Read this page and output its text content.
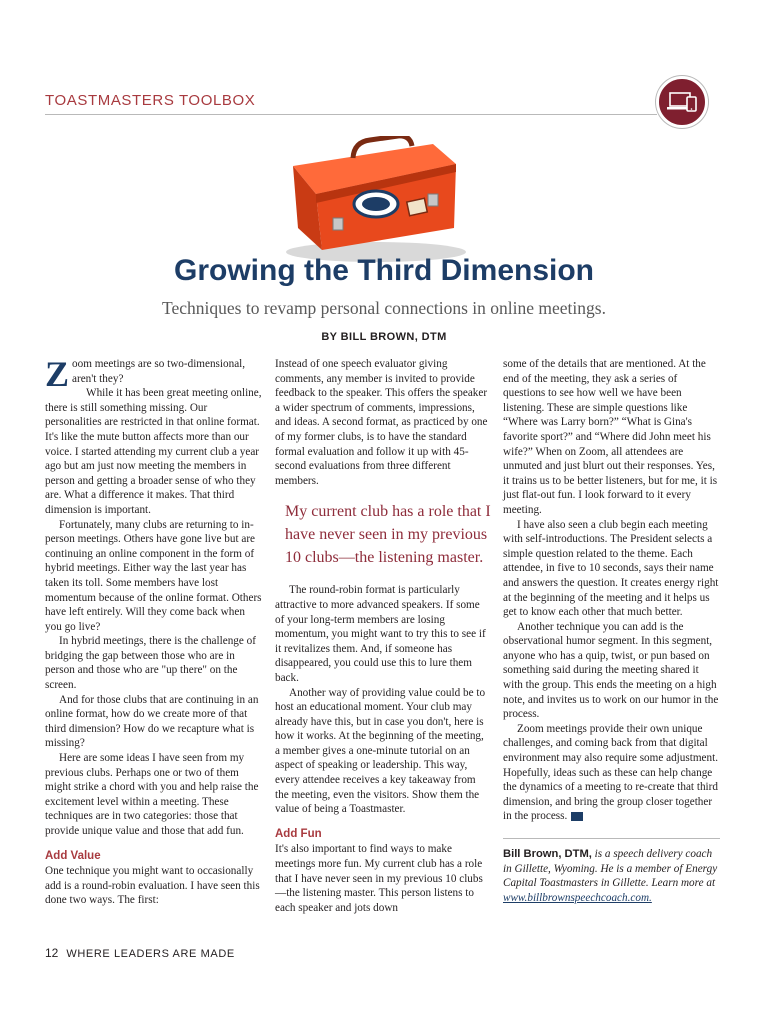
TOASTMASTERS TOOLBOX
Growing the Third Dimension

Techniques to revamp personal connections in online meetings.

BY BILL BROWN, DTM

Zoom meetings are so two-dimensional, aren't they?

While it has been great meeting online, there is still something missing. Our personalities are restricted in that online format. It's like the mute button affects more than our voice. I started attending my current club a year ago but am just now meeting the members in person and getting a broader sense of who they are. What a difference it makes. That third dimension is important.

Fortunately, many clubs are returning to in-person meetings. Others have gone live but are continuing an online component in the form of hybrid meetings. Either way the last year has taken its toll. Some members have lost momentum because of the online format. Others have left entirely. Will they come back when you go live?

In hybrid meetings, there is the challenge of bridging the gap between those who are in person and those who are "up there" on the screen.

And for those clubs that are continuing in an online format, how do we create more of that third dimension? How do we recapture what is missing?

Here are some ideas I have seen from my previous clubs. Perhaps one or two of them might strike a chord with you and help raise the excitement level within a meeting. These techniques are in two categories: those that provide unique value and those that add fun.

Add Value

One technique you might want to occasionally add is a round-robin evaluation. I have seen this done two ways. The first:

Instead of one speech evaluator giving comments, any member is invited to provide feedback to the speaker. This offers the speaker a wider spectrum of comments, impressions, and ideas. A second format, as practiced by one of my former clubs, is to have the standard formal evaluation and follow it up with 45-second evaluations from three different members.

My current club has a role that I have never seen in my previous 10 clubs—the listening master.

The round-robin format is particularly attractive to more advanced speakers. If some of your long-term members are losing momentum, you might want to try this to see if it revitalizes them. And, if someone has disappeared, you could use this to lure them back.

Another way of providing value could be to host an educational moment. Your club may already have this, but in case you don't, here is how it works. At the beginning of the meeting, a member gives a one-minute tutorial on an aspect of speaking or leadership. This way, every attendee receives a key takeaway from the meeting, even the visitors. Show them the value of being a Toastmaster.

Add Fun

It's also important to find ways to make meetings more fun. My current club has a role that I have never seen in my previous 10 clubs—the listening master. This person listens to each speaker and jots down

some of the details that are mentioned. At the end of the meeting, they ask a series of questions to see how well we have been listening. These are simple questions like “Where was Larry born?” “What is Gina's favorite sport?” and “Where did John meet his wife?” When on Zoom, all attendees are unmuted and just blurt out their responses. Yes, it trains us to be better listeners, but for me, it is just flat-out fun. I look forward to it every meeting.

I have also seen a club begin each meeting with self-introductions. The President selects a simple question related to the theme. Each attendee, in five to 10 seconds, says their name and answers the question. It creates energy right at the beginning of the meeting and it helps us get to know each other that much better.

Another technique you can add is the observational humor segment. In this segment, anyone who has a quip, twist, or pun based on something said during the meeting shared it with the group. This ends the meeting on a high note, and invites us to work on our humor in the process.

Zoom meetings provide their own unique challenges, and coming back from that digital environment may also require some adjustment. Hopefully, ideas such as these can help change the dynamics of a meeting to re-create that third dimension, and bring the group closer together in the process. T

Bill Brown, DTM, is a speech delivery coach in Gillette, Wyoming. He is a member of Energy Capital Toastmasters in Gillette. Learn more at www.billbrownspeechcoach.com.
12 WHERE LEADERS ARE MADE
